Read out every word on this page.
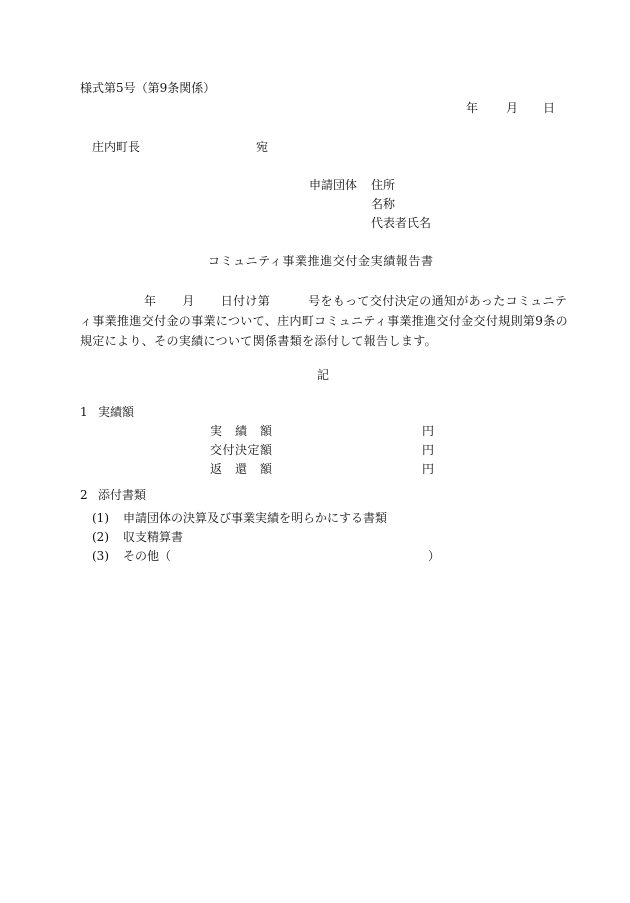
様式第5号（第9条関係）
年 月 日
庄内町長	宛
申請団体 住所
名称
代表者氏名
コミュニティ事業推進交付金実績報告書
年 月 日付け第	号をもって交付決定の通知があったコミュニティ事業推進交付金の事業について、庄内町コミュニティ事業推進交付金交付規則第9条の規定により、その実績について関係書類を添付して報告します。
記
1 実績額
実　績　額	円
交付決定額	円
返　還　額	円
2 添付書類
(1) 申請団体の決算及び事業実績を明らかにする書類
(2) 収支精算書
(3) その他（	）
